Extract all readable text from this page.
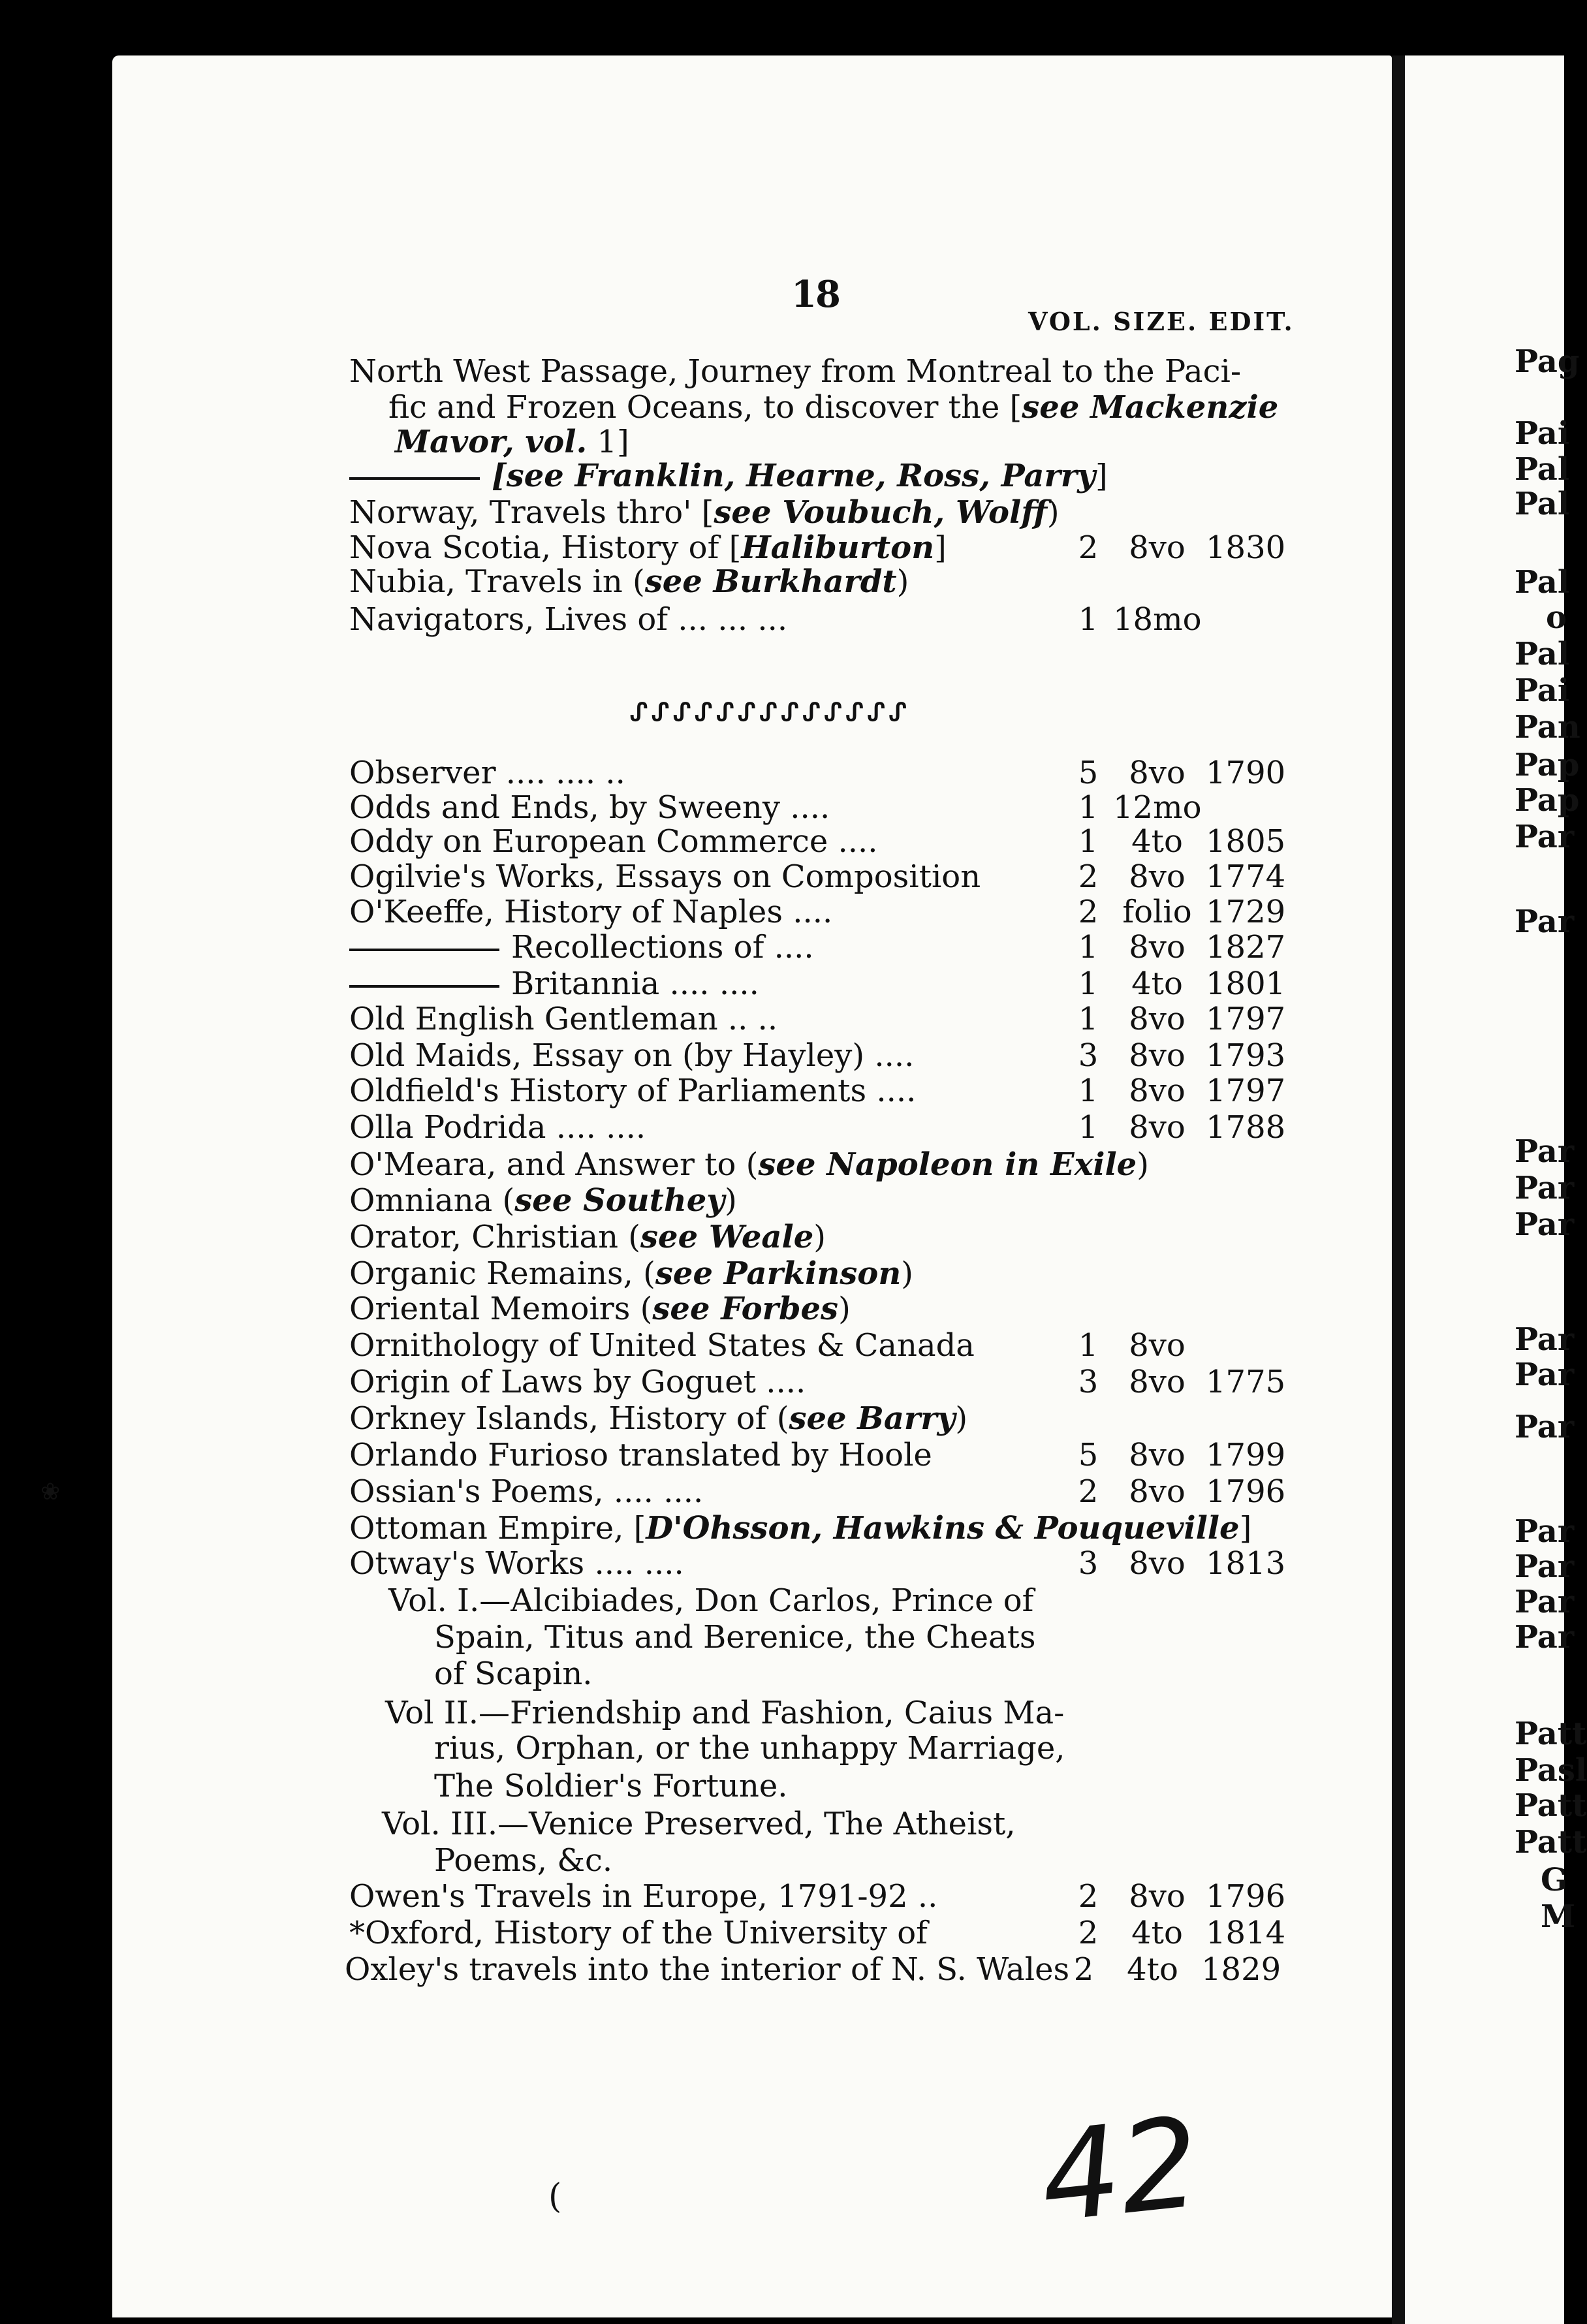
18
VOL. SIZE. EDIT.
North West Passage, Journey from Montreal to the Paci-
fic and Frozen Oceans, to discover the [see Mackenzie
Mavor, vol. 1]
[see Franklin, Hearne, Ross, Parry]
Norway, Travels thro' [see Voubuch, Wolff)
Nova Scotia, History of [Haliburton]	2 8vo 1830
Nubia, Travels in (see Burkhardt)
Navigators, Lives of ... ... ...	1 18mo
Observer .... .... ..	5 8vo 1790
Odds and Ends, by Sweeny ....	1 12mo
Oddy on European Commerce ....	1	4to 1805
Ogilvie's Works, Essays on Composition	2 8vo 1774
O'Keeffe, History of Naples ....	2 folio 1729
Recollections of ....	1 8vo 1827
Britannia .... ....	1	4to 1801
Old English Gentleman .. ..	1 8vo 1797
Old Maids, Essay on (by Hayley) ....	3 8vo 1793
Oldfield's History of Parliaments ....	1 8vo 1797
Olla Podrida .... ....	1 8vo 1788
O'Meara, and Answer to (see Napoleon in Exile)
Omniana (see Southey)
Orator, Christian (see Weale)
Organic Remains, (see Parkinson)
Oriental Memoirs (see Forbes)
Ornithology of United States & Canada	1 8vo
Origin of Laws by Goguet ....	3 8vo 1775
Orkney Islands, History of (see Barry)
Orlando Furioso translated by Hoole	5 8vo 1799
Ossian's Poems, .... ....	2 8vo 1796
Ottoman Empire, [D'Ohsson, Hawkins & Pouqueville]
Otway's Works .... ....	3 8vo 1813
ᔑᔑᔑᔑᔑᔑᔑᔑᔑᔑᔑᔑᔑ
Vol. I.—Alcibiades, Don Carlos, Prince of
Spain, Titus and Berenice, the Cheats
of Scapin.
Vol II.—Friendship and Fashion, Caius Ma-
rius, Orphan, or the unhappy Marriage,
The Soldier's Fortune.
Vol. III.—Venice Preserved, The Atheist,
Poems, &c.
Owen's Travels in Europe, 1791-92 ..	2 8vo 1796
*Oxford, History of the University of	2	4to 1814
Oxley's travels into the interior of N. S. Wales 2	4to 1829
Pag
Pai
Pal
Pal
Pal
o
Pal
Pai
Pan
Pap
Pap
Par
Par
Par
Par
Par
Par
Par
Par
Par
Par
Par
Par
Patt
Pasl
Patt
Patt
G
M
❀
(	42
